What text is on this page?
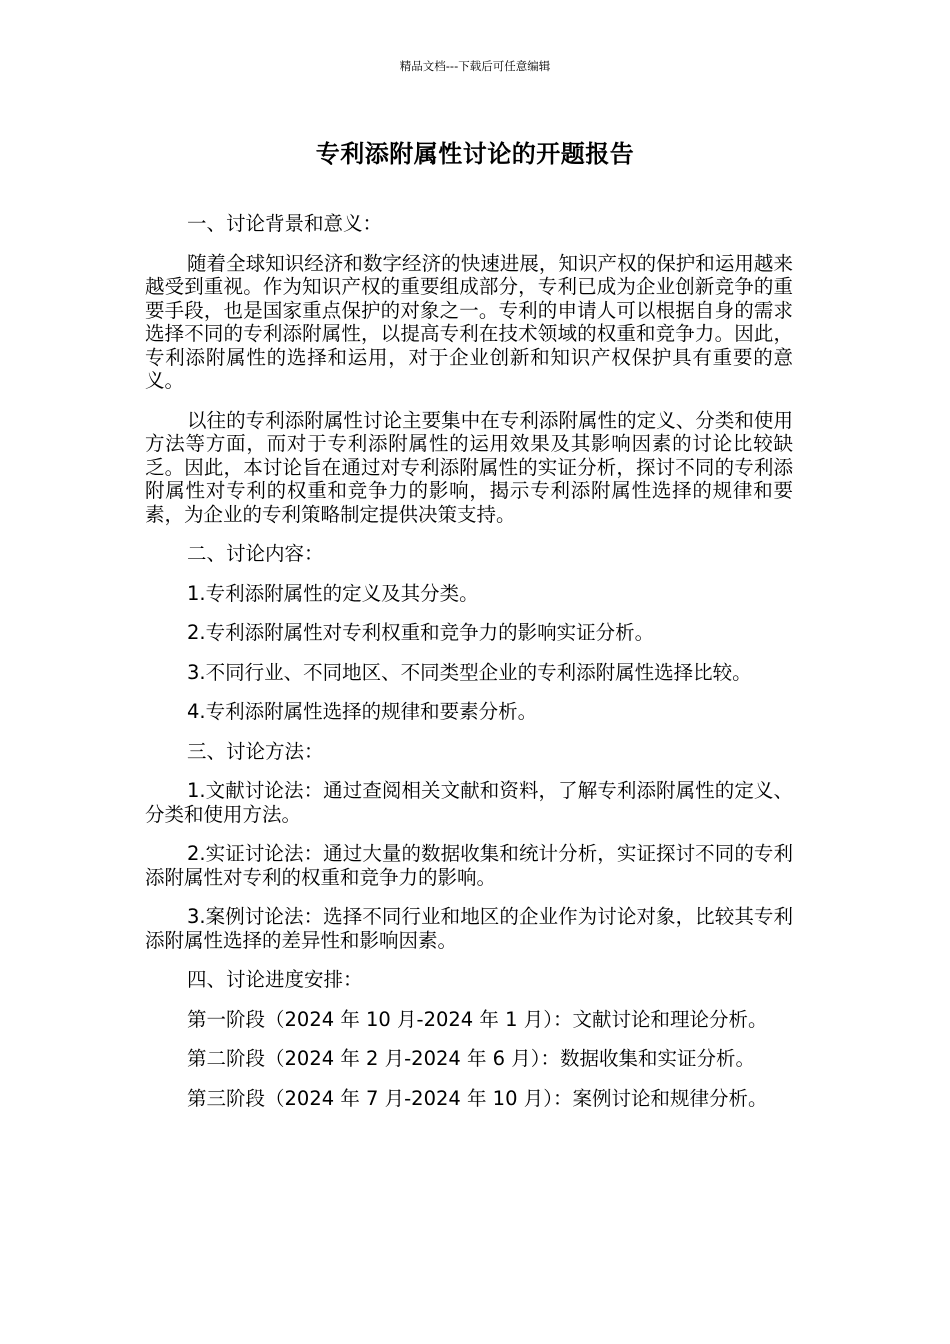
精品文档---下载后可任意编辑
专利添附属性讨论的开题报告

一、讨论背景和意义：

随着全球知识经济和数字经济的快速进展，知识产权的保护和运用越来越受到重视。作为知识产权的重要组成部分，专利已成为企业创新竞争的重要手段，也是国家重点保护的对象之一。专利的申请人可以根据自身的需求选择不同的专利添附属性，以提高专利在技术领域的权重和竞争力。因此，专利添附属性的选择和运用，对于企业创新和知识产权保护具有重要的意义。

以往的专利添附属性讨论主要集中在专利添附属性的定义、分类和使用方法等方面，而对于专利添附属性的运用效果及其影响因素的讨论比较缺乏。因此，本讨论旨在通过对专利添附属性的实证分析，探讨不同的专利添附属性对专利的权重和竞争力的影响，揭示专利添附属性选择的规律和要素，为企业的专利策略制定提供决策支持。

二、讨论内容：

1.专利添附属性的定义及其分类。

2.专利添附属性对专利权重和竞争力的影响实证分析。

3.不同行业、不同地区、不同类型企业的专利添附属性选择比较。

4.专利添附属性选择的规律和要素分析。

三、讨论方法：

1.文献讨论法：通过查阅相关文献和资料，了解专利添附属性的定义、分类和使用方法。

2.实证讨论法：通过大量的数据收集和统计分析，实证探讨不同的专利添附属性对专利的权重和竞争力的影响。

3.案例讨论法：选择不同行业和地区的企业作为讨论对象，比较其专利添附属性选择的差异性和影响因素。

四、讨论进度安排：

第一阶段（2024 年 10 月-2024 年 1 月）：文献讨论和理论分析。

第二阶段（2024 年 2 月-2024 年 6 月）：数据收集和实证分析。

第三阶段（2024 年 7 月-2024 年 10 月）：案例讨论和规律分析。
